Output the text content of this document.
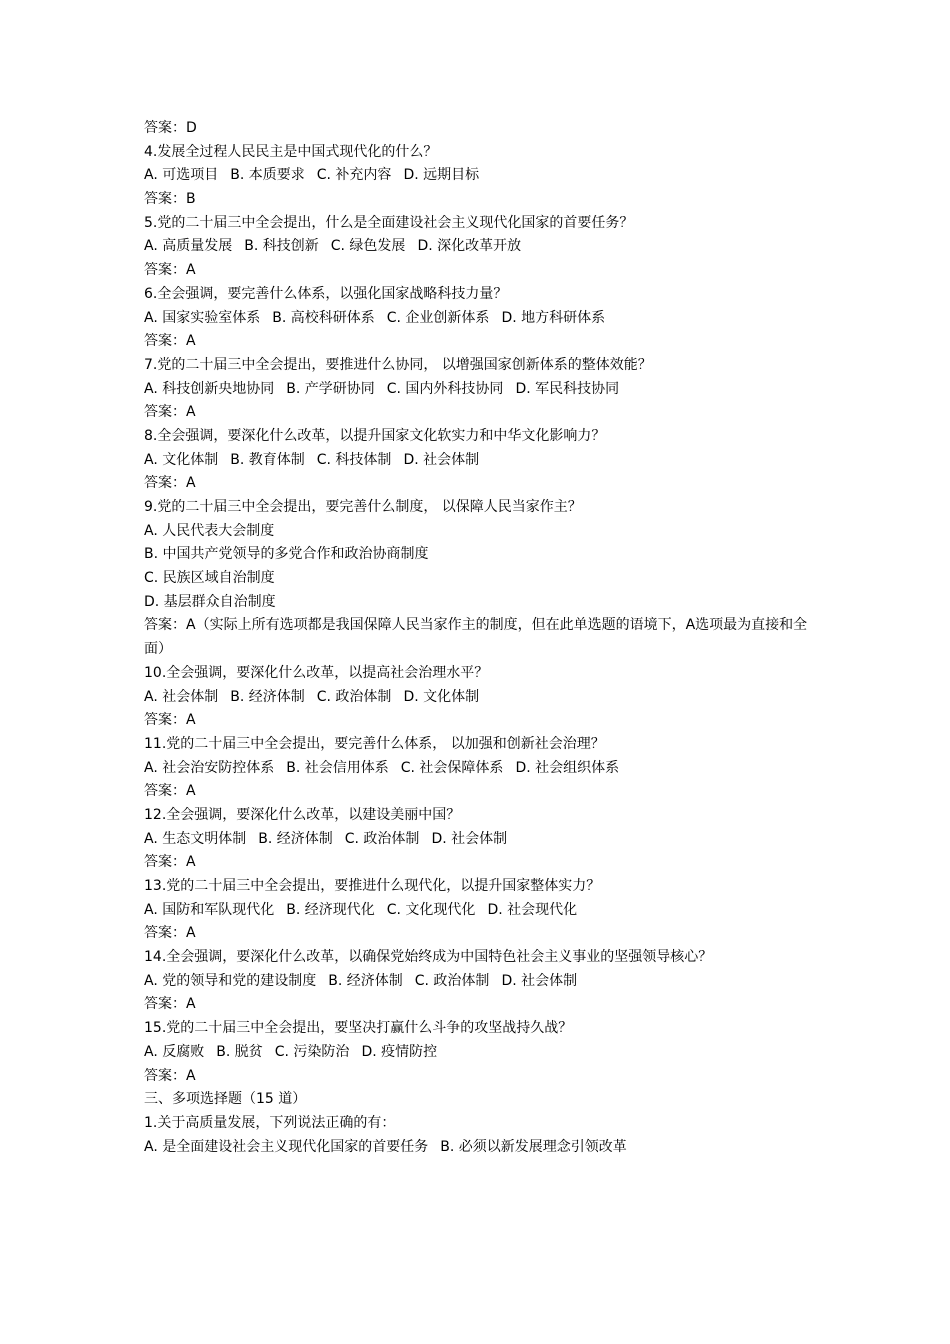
答案：D
4.发展全过程人民民主是中国式现代化的什么？
A. 可选项目 B. 本质要求 C. 补充内容 D. 远期目标
答案：B
5.党的二十届三中全会提出，什么是全面建设社会主义现代化国家的首要任务？
A. 高质量发展 B. 科技创新 C. 绿色发展 D. 深化改革开放
答案：A
6.全会强调，要完善什么体系，以强化国家战略科技力量？
A. 国家实验室体系 B. 高校科研体系 C. 企业创新体系 D. 地方科研体系
答案：A
7.党的二十届三中全会提出，要推进什么协同， 以增强国家创新体系的整体效能？
A. 科技创新央地协同 B. 产学研协同 C. 国内外科技协同 D. 军民科技协同
答案：A
8.全会强调，要深化什么改革，以提升国家文化软实力和中华文化影响力？
A. 文化体制 B. 教育体制 C. 科技体制 D. 社会体制
答案：A
9.党的二十届三中全会提出，要完善什么制度， 以保障人民当家作主？
A. 人民代表大会制度
B. 中国共产党领导的多党合作和政治协商制度
C. 民族区域自治制度
D. 基层群众自治制度
答案：A（实际上所有选项都是我国保障人民当家作主的制度，但在此单选题的语境下，A选项最为直接和全面）
10.全会强调，要深化什么改革，以提高社会治理水平？
A. 社会体制 B. 经济体制 C. 政治体制 D. 文化体制
答案：A
11.党的二十届三中全会提出，要完善什么体系， 以加强和创新社会治理？
A. 社会治安防控体系 B. 社会信用体系 C. 社会保障体系 D. 社会组织体系
答案：A
12.全会强调，要深化什么改革，以建设美丽中国？
A. 生态文明体制 B. 经济体制 C. 政治体制 D. 社会体制
答案：A
13.党的二十届三中全会提出，要推进什么现代化，以提升国家整体实力？
A. 国防和军队现代化 B. 经济现代化 C. 文化现代化 D. 社会现代化
答案：A
14.全会强调，要深化什么改革，以确保党始终成为中国特色社会主义事业的坚强领导核心？
A. 党的领导和党的建设制度 B. 经济体制 C. 政治体制 D. 社会体制
答案：A
15.党的二十届三中全会提出，要坚决打赢什么斗争的攻坚战持久战？
A. 反腐败 B. 脱贫 C. 污染防治 D. 疫情防控
答案：A
三、多项选择题（15 道）
1.关于高质量发展，下列说法正确的有：
A. 是全面建设社会主义现代化国家的首要任务 B. 必须以新发展理念引领改革
